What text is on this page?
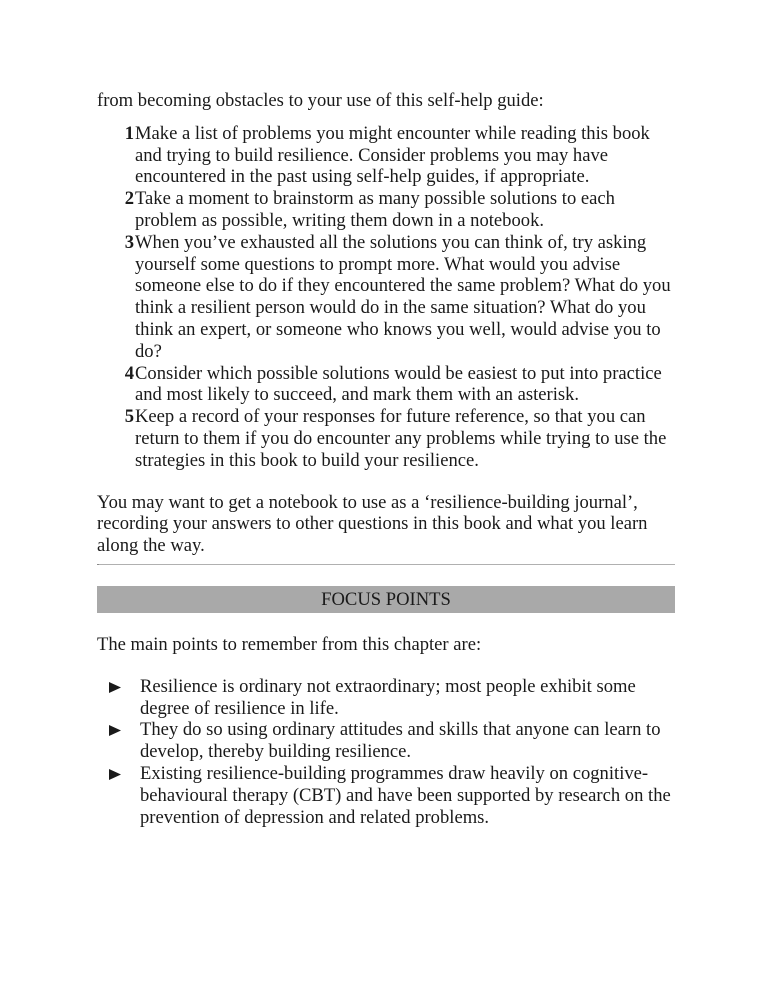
from becoming obstacles to your use of this self-help guide:

1 Make a list of problems you might encounter while reading this book and trying to build resilience. Consider problems you may have encountered in the past using self-help guides, if appropriate.
2 Take a moment to brainstorm as many possible solutions to each problem as possible, writing them down in a notebook.
3 When you’ve exhausted all the solutions you can think of, try asking yourself some questions to prompt more. What would you advise someone else to do if they encountered the same problem? What do you think a resilient person would do in the same situation? What do you think an expert, or someone who knows you well, would advise you to do?
4 Consider which possible solutions would be easiest to put into practice and most likely to succeed, and mark them with an asterisk.
5 Keep a record of your responses for future reference, so that you can return to them if you do encounter any problems while trying to use the strategies in this book to build your resilience.

You may want to get a notebook to use as a ‘resilience-building journal’, recording your answers to other questions in this book and what you learn along the way.

FOCUS POINTS

The main points to remember from this chapter are:

Resilience is ordinary not extraordinary; most people exhibit some degree of resilience in life.
They do so using ordinary attitudes and skills that anyone can learn to develop, thereby building resilience.
Existing resilience-building programmes draw heavily on cognitive-behavioural therapy (CBT) and have been supported by research on the prevention of depression and related problems.
